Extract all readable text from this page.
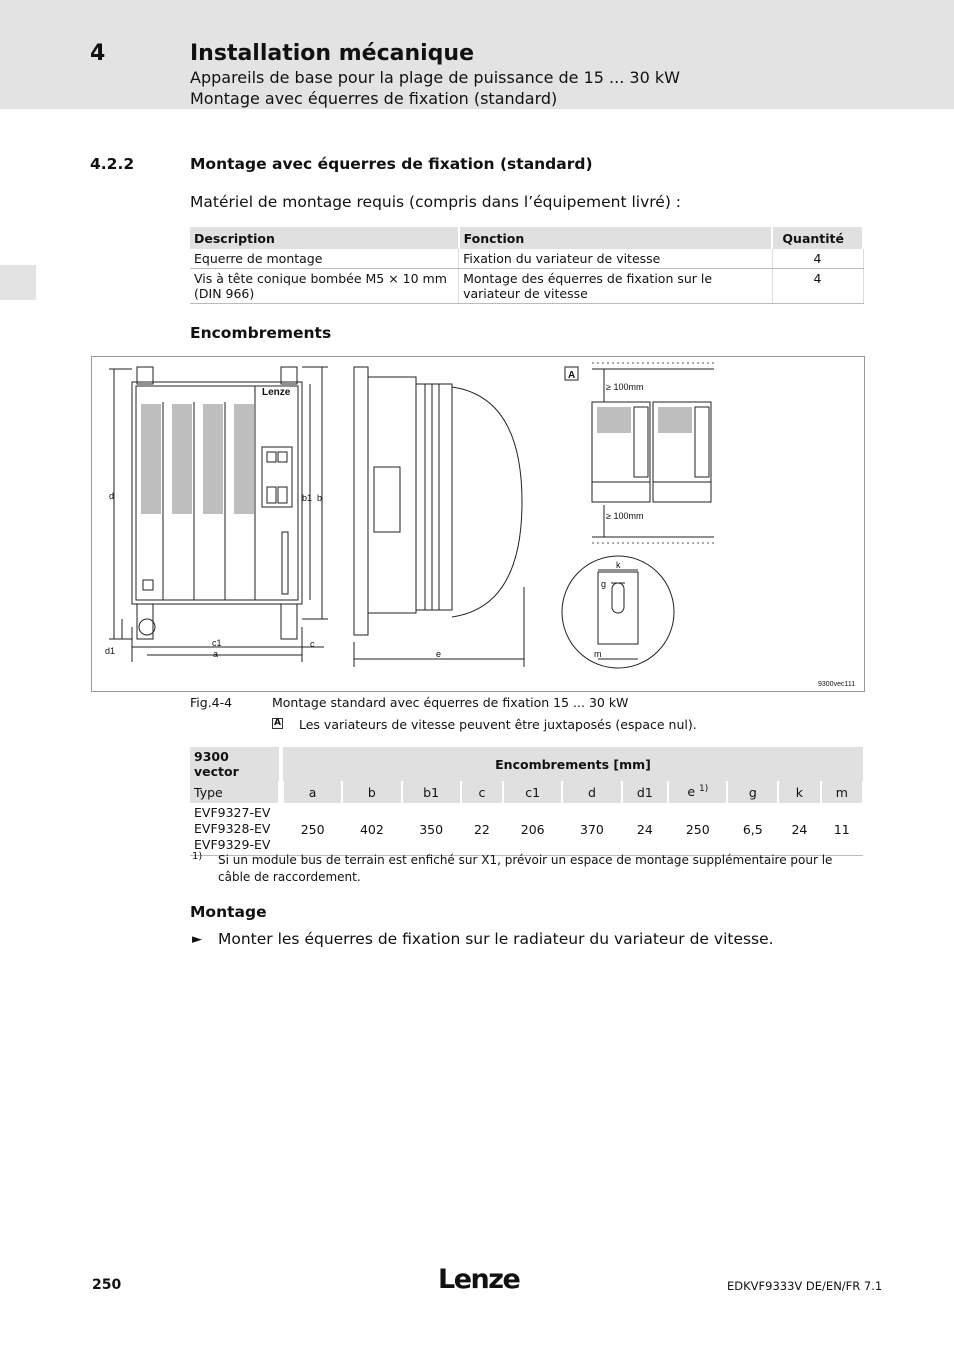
4	Installation mécanique
Appareils de base pour la plage de puissance de 15 ... 30 kW
Montage avec équerres de fixation (standard)
4.2.2	Montage avec équerres de fixation (standard)
Matériel de montage requis (compris dans l’équipement livré) :
Description	Fonction	Quantité
Equerre de montage	Fixation du variateur de vitesse	4
Vis à tête conique bombée M5 × 10 mm (DIN 966)	Montage des équerres de fixation sur le variateur de vitesse	4
Encombrements
Lenze
d
d1
b1 b
c
c1
a	e
≥ 100mm
≥ 100mm
k
g
m
A
9300vec111
Fig.4-4	Montage standard avec équerres de fixation 15 ... 30 kW
A Les variateurs de vitesse peuvent être juxtaposés (espace nul).
9300 vector		Encombrements [mm]										
Type		a	b	b1	c	c1	d	d1	e $^{1)}$	g	k	m

EVF9327-EV
EVF9328-EV
EVF9329-EV		250	402	350	22	206	370	24	250	6,5	24	11
1) Si un module bus de terrain est enfiché sur X1, prévoir un espace de montage supplémentaire pour le câble de raccordement.
Montage
► Monter les équerres de fixation sur le radiateur du variateur de vitesse.
250	Lenze	EDKVF9333V DE/EN/FR 7.1
